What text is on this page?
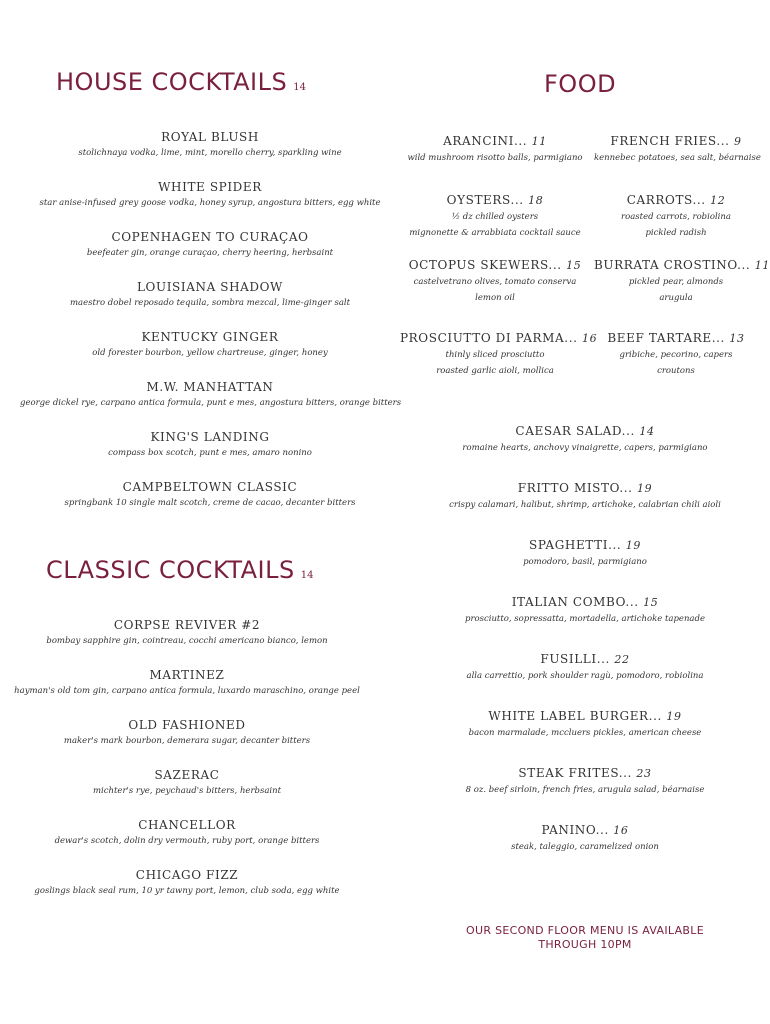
HOUSE COCKTAILS 14	FOOD
CLASSIC COCKTAILS 14
ROYAL BLUSH
stolichnaya vodka, lime, mint, morello cherry, sparkling wine
WHITE SPIDER
star anise-infused grey goose vodka, honey syrup, angostura bitters, egg white
COPENHAGEN TO CURAÇAO
beefeater gin, orange curaçao, cherry heering, herbsaint
LOUISIANA SHADOW
maestro dobel reposado tequila, sombra mezcal, lime-ginger salt
KENTUCKY GINGER
old forester bourbon, yellow chartreuse, ginger, honey
M.W. MANHATTAN
george dickel rye, carpano antica formula, punt e mes, angostura bitters, orange bitters
KING'S LANDING
compass box scotch, punt e mes, amaro nonino
CAMPBELTOWN CLASSIC
springbank 10 single malt scotch, creme de cacao, decanter bitters
CORPSE REVIVER #2
bombay sapphire gin, cointreau, cocchi americano bianco, lemon
MARTINEZ
hayman's old tom gin, carpano antica formula, luxardo maraschino, orange peel
OLD FASHIONED
maker's mark bourbon, demerara sugar, decanter bitters
SAZERAC
michter's rye, peychaud's bitters, herbsaint
CHANCELLOR
dewar's scotch, dolin dry vermouth, ruby port, orange bitters
CHICAGO FIZZ
goslings black seal rum, 10 yr tawny port, lemon, club soda, egg white
ARANCINI... 11
wild mushroom risotto balls, parmigiano
OYSTERS... 18
½ dz chilled oysters
mignonette & arrabbiata cocktail sauce
OCTOPUS SKEWERS... 15
castelvetrano olives, tomato conserva
lemon oil
PROSCIUTTO DI PARMA... 16
thinly sliced prosciutto
roasted garlic aioli, mollica
FRENCH FRIES... 9
kennebec potatoes, sea salt, béarnaise
CARROTS... 12
roasted carrots, robiolina
pickled radish
BURRATA CROSTINO... 11
pickled pear, almonds
arugula
BEEF TARTARE... 13
gribiche, pecorino, capers
croutons
CAESAR SALAD... 14
romaine hearts, anchovy vinaigrette, capers, parmigiano
FRITTO MISTO... 19
crispy calamari, halibut, shrimp, artichoke, calabrian chili aioli
SPAGHETTI... 19
pomodoro, basil, parmigiano
ITALIAN COMBO... 15
prosciutto, sopressatta, mortadella, artichoke tapenade
FUSILLI... 22
alla carrettio, pork shoulder ragù, pomodoro, robiolina
WHITE LABEL BURGER... 19
bacon marmalade, mccluers pickles, american cheese
STEAK FRITES... 23
8 oz. beef sirloin, french fries, arugula salad, béarnaise
PANINO... 16
steak, taleggio, caramelized onion
OUR SECOND FLOOR MENU IS AVAILABLE
THROUGH 10PM
